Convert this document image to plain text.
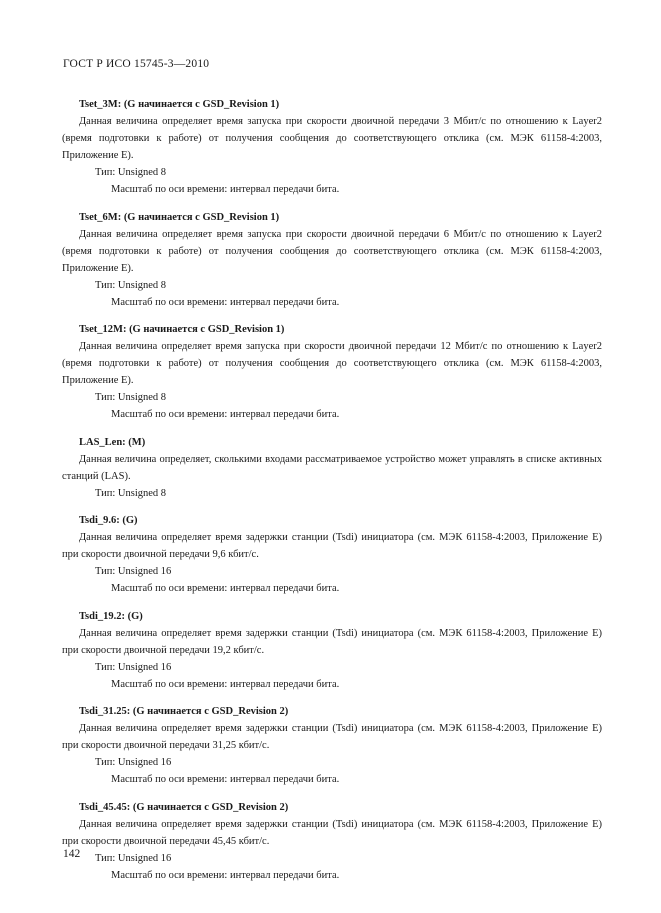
ГОСТ Р ИСО 15745-3—2010
Tset_3M: (G начинается с GSD_Revision 1)

Данная величина определяет время запуска при скорости двоичной передачи 3 Мбит/с по отношению к Layer2 (время подготовки к работе) от получения сообщения до соответствующего отклика (см. МЭК 61158-4:2003, Приложение Е).

Тип: Unsigned 8
Масштаб по оси времени: интервал передачи бита.
Tset_6M: (G начинается с GSD_Revision 1)

Данная величина определяет время запуска при скорости двоичной передачи 6 Мбит/с по отношению к Layer2 (время подготовки к работе) от получения сообщения до соответствующего отклика (см. МЭК 61158-4:2003, Приложение Е).

Тип: Unsigned 8
Масштаб по оси времени: интервал передачи бита.
Tset_12M: (G начинается с GSD_Revision 1)

Данная величина определяет время запуска при скорости двоичной передачи 12 Мбит/с по отношению к Layer2 (время подготовки к работе) от получения сообщения до соответствующего отклика (см. МЭК 61158-4:2003, Приложение Е).

Тип: Unsigned 8
Масштаб по оси времени: интервал передачи бита.
LAS_Len: (M)

Данная величина определяет, сколькими входами рассматриваемое устройство может управлять в списке активных станций (LAS).

Тип: Unsigned 8
Tsdi_9.6: (G)

Данная величина определяет время задержки станции (Tsdi) инициатора (см. МЭК 61158-4:2003, Приложение Е) при скорости двоичной передачи 9,6 кбит/с.

Тип: Unsigned 16
Масштаб по оси времени: интервал передачи бита.
Tsdi_19.2: (G)

Данная величина определяет время задержки станции (Tsdi) инициатора (см. МЭК 61158-4:2003, Приложение Е) при скорости двоичной передачи 19,2 кбит/с.

Тип: Unsigned 16
Масштаб по оси времени: интервал передачи бита.
Tsdi_31.25: (G начинается с GSD_Revision 2)

Данная величина определяет время задержки станции (Tsdi) инициатора (см. МЭК 61158-4:2003, Приложение Е) при скорости двоичной передачи 31,25 кбит/с.

Тип: Unsigned 16
Масштаб по оси времени: интервал передачи бита.
Tsdi_45.45: (G начинается с GSD_Revision 2)

Данная величина определяет время задержки станции (Tsdi) инициатора (см. МЭК 61158-4:2003, Приложение Е) при скорости двоичной передачи 45,45 кбит/с.

Тип: Unsigned 16
Масштаб по оси времени: интервал передачи бита.
142
